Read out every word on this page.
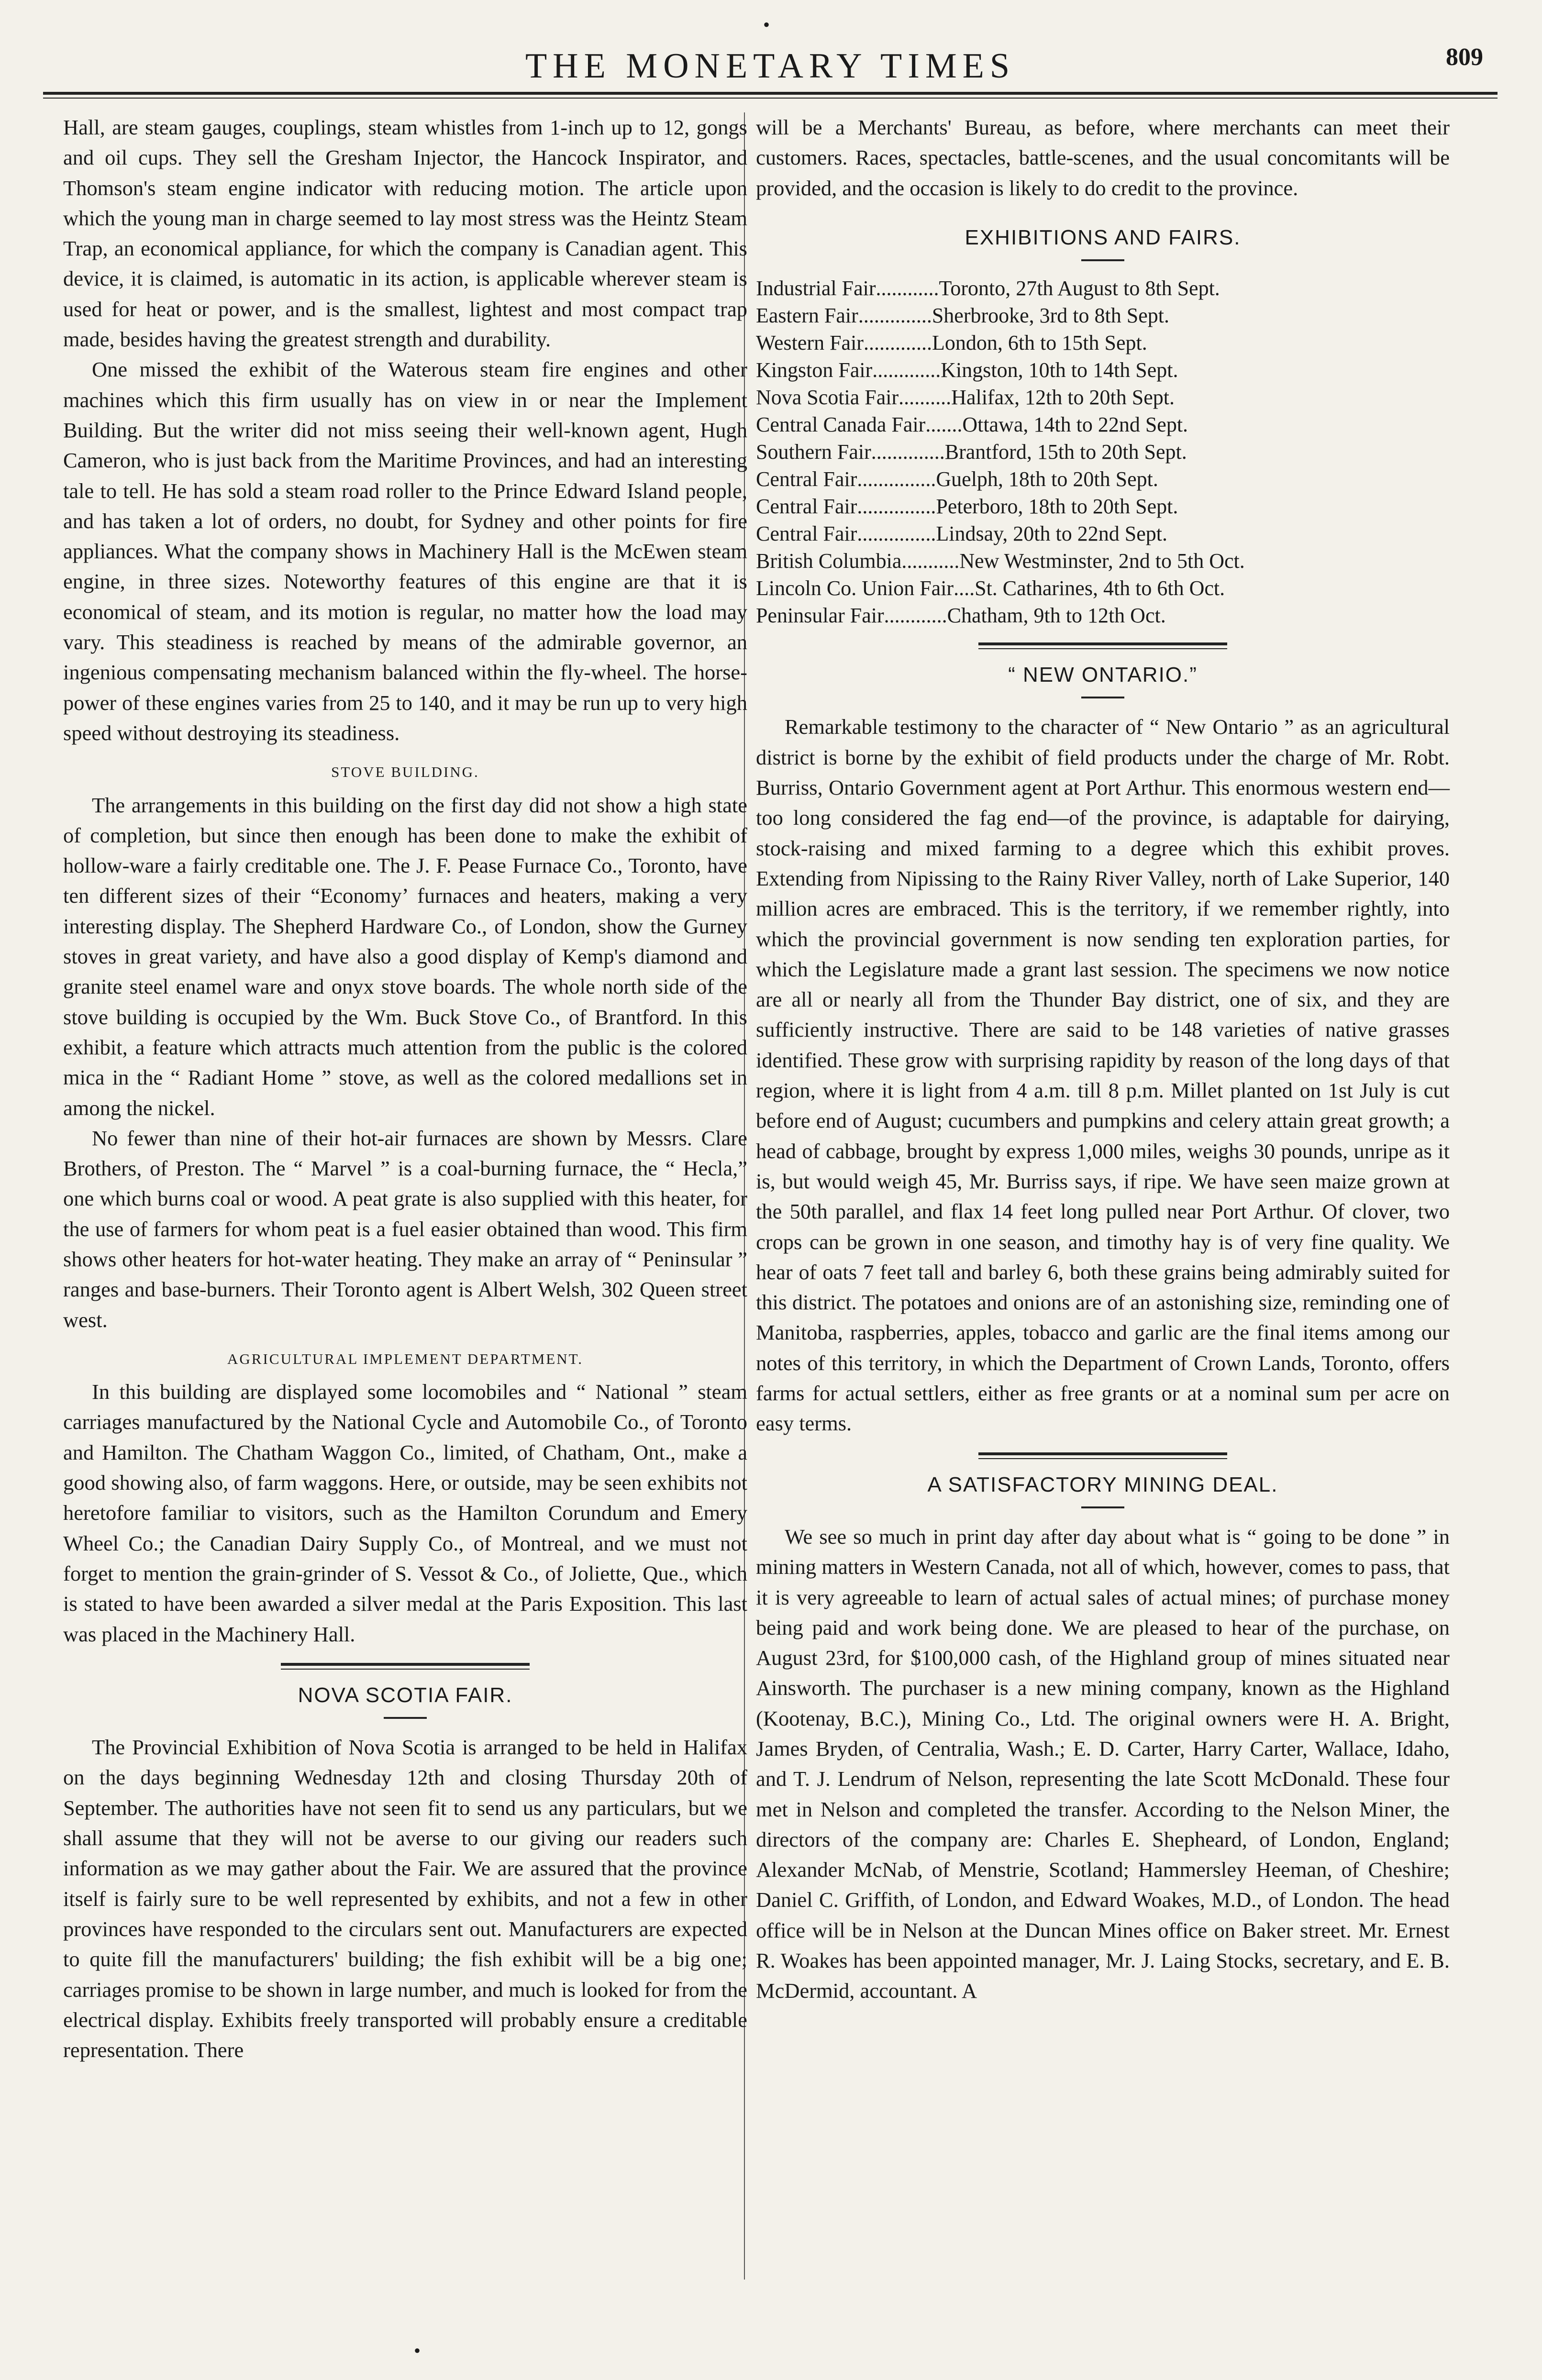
•
THE MONETARY TIMES	809

Hall, are steam gauges, couplings, steam whistles from 1-inch up to 12, gongs and oil cups. They sell the Gresham Injector, the Hancock Inspirator, and Thomson's steam engine indicator with reducing motion. The article upon which the young man in charge seemed to lay most stress was the Heintz Steam Trap, an economical appliance, for which the company is Canadian agent. This device, it is claimed, is automatic in its action, is applicable wherever steam is used for heat or power, and is the smallest, lightest and most compact trap made, besides having the greatest strength and durability.

One missed the exhibit of the Waterous steam fire engines and other machines which this firm usually has on view in or near the Implement Building. But the writer did not miss seeing their well-known agent, Hugh Cameron, who is just back from the Maritime Provinces, and had an interesting tale to tell. He has sold a steam road roller to the Prince Edward Island people, and has taken a lot of orders, no doubt, for Sydney and other points for fire appliances. What the company shows in Machinery Hall is the McEwen steam engine, in three sizes. Noteworthy features of this engine are that it is economical of steam, and its motion is regular, no matter how the load may vary. This steadiness is reached by means of the admirable governor, an ingenious compensating mechanism balanced within the fly-wheel. The horse-power of these engines varies from 25 to 140, and it may be run up to very high speed without destroying its steadiness.

STOVE BUILDING.

The arrangements in this building on the first day did not show a high state of completion, but since then enough has been done to make the exhibit of hollow-ware a fairly creditable one. The J. F. Pease Furnace Co., Toronto, have ten different sizes of their “Economy’ furnaces and heaters, making a very interesting display. The Shepherd Hardware Co., of London, show the Gurney stoves in great variety, and have also a good display of Kemp's diamond and granite steel enamel ware and onyx stove boards. The whole north side of the stove building is occupied by the Wm. Buck Stove Co., of Brantford. In this exhibit, a feature which attracts much attention from the public is the colored mica in the “ Radiant Home ” stove, as well as the colored medallions set in among the nickel.

No fewer than nine of their hot-air furnaces are shown by Messrs. Clare Brothers, of Preston. The “ Marvel ” is a coal-burning furnace, the “ Hecla,” one which burns coal or wood. A peat grate is also supplied with this heater, for the use of farmers for whom peat is a fuel easier obtained than wood. This firm shows other heaters for hot-water heating. They make an array of “ Peninsular ” ranges and base-burners. Their Toronto agent is Albert Welsh, 302 Queen street west.

AGRICULTURAL IMPLEMENT DEPARTMENT.

In this building are displayed some locomobiles and “ National ” steam carriages manufactured by the National Cycle and Automobile Co., of Toronto and Hamilton. The Chatham Waggon Co., limited, of Chatham, Ont., make a good showing also, of farm waggons. Here, or outside, may be seen exhibits not heretofore familiar to visitors, such as the Hamilton Corundum and Emery Wheel Co.; the Canadian Dairy Supply Co., of Montreal, and we must not forget to mention the grain-grinder of S. Vessot & Co., of Joliette, Que., which is stated to have been awarded a silver medal at the Paris Exposition. This last was placed in the Machinery Hall.

NOVA SCOTIA FAIR.

The Provincial Exhibition of Nova Scotia is arranged to be held in Halifax on the days beginning Wednesday 12th and closing Thursday 20th of September. The authorities have not seen fit to send us any particulars, but we shall assume that they will not be averse to our giving our readers such information as we may gather about the Fair. We are assured that the province itself is fairly sure to be well represented by exhibits, and not a few in other provinces have responded to the circulars sent out. Manufacturers are expected to quite fill the manufacturers' building; the fish exhibit will be a big one; carriages promise to be shown in large number, and much is looked for from the electrical display. Exhibits freely transported will probably ensure a creditable representation. There

will be a Merchants' Bureau, as before, where merchants can meet their customers. Races, spectacles, battle-scenes, and the usual concomitants will be provided, and the occasion is likely to do credit to the province.

EXHIBITIONS AND FAIRS.
Industrial Fair ............ Toronto, 27th August to 8th Sept.
Eastern Fair .............. Sherbrooke, 3rd to 8th Sept.
Western Fair ............. London, 6th to 15th Sept.
Kingston Fair ............. Kingston, 10th to 14th Sept.
Nova Scotia Fair .......... Halifax, 12th to 20th Sept.
Central Canada Fair ....... Ottawa, 14th to 22nd Sept.
Southern Fair .............. Brantford, 15th to 20th Sept.
Central Fair ............... Guelph, 18th to 20th Sept.
Central Fair ............... Peterboro, 18th to 20th Sept.
Central Fair ............... Lindsay, 20th to 22nd Sept.
British Columbia ........... New Westminster, 2nd to 5th Oct.
Lincoln Co. Union Fair .... St. Catharines, 4th to 6th Oct.
Peninsular Fair ............ Chatham, 9th to 12th Oct.
“ NEW ONTARIO.”

Remarkable testimony to the character of “ New Ontario ” as an agricultural district is borne by the exhibit of field products under the charge of Mr. Robt. Burriss, Ontario Government agent at Port Arthur. This enormous western end—too long considered the fag end—of the province, is adaptable for dairying, stock-raising and mixed farming to a degree which this exhibit proves. Extending from Nipissing to the Rainy River Valley, north of Lake Superior, 140 million acres are embraced. This is the territory, if we remember rightly, into which the provincial government is now sending ten exploration parties, for which the Legislature made a grant last session. The specimens we now notice are all or nearly all from the Thunder Bay district, one of six, and they are sufficiently instructive. There are said to be 148 varieties of native grasses identified. These grow with surprising rapidity by reason of the long days of that region, where it is light from 4 a.m. till 8 p.m. Millet planted on 1st July is cut before end of August; cucumbers and pumpkins and celery attain great growth; a head of cabbage, brought by express 1,000 miles, weighs 30 pounds, unripe as it is, but would weigh 45, Mr. Burriss says, if ripe. We have seen maize grown at the 50th parallel, and flax 14 feet long pulled near Port Arthur. Of clover, two crops can be grown in one season, and timothy hay is of very fine quality. We hear of oats 7 feet tall and barley 6, both these grains being admirably suited for this district. The potatoes and onions are of an astonishing size, reminding one of Manitoba, raspberries, apples, tobacco and garlic are the final items among our notes of this territory, in which the Department of Crown Lands, Toronto, offers farms for actual settlers, either as free grants or at a nominal sum per acre on easy terms.

A SATISFACTORY MINING DEAL.

We see so much in print day after day about what is “ going to be done ” in mining matters in Western Canada, not all of which, however, comes to pass, that it is very agreeable to learn of actual sales of actual mines; of purchase money being paid and work being done. We are pleased to hear of the purchase, on August 23rd, for $100,000 cash, of the Highland group of mines situated near Ainsworth. The purchaser is a new mining company, known as the Highland (Kootenay, B.C.), Mining Co., Ltd. The original owners were H. A. Bright, James Bryden, of Centralia, Wash.; E. D. Carter, Harry Carter, Wallace, Idaho, and T. J. Lendrum of Nelson, representing the late Scott McDonald. These four met in Nelson and completed the transfer. According to the Nelson Miner, the directors of the company are: Charles E. Shepheard, of London, England; Alexander McNab, of Menstrie, Scotland; Hammersley Heeman, of Cheshire; Daniel C. Griffith, of London, and Edward Woakes, M.D., of London. The head office will be in Nelson at the Duncan Mines office on Baker street. Mr. Ernest R. Woakes has been appointed manager, Mr. J. Laing Stocks, secretary, and E. B. McDermid, accountant. A

•
